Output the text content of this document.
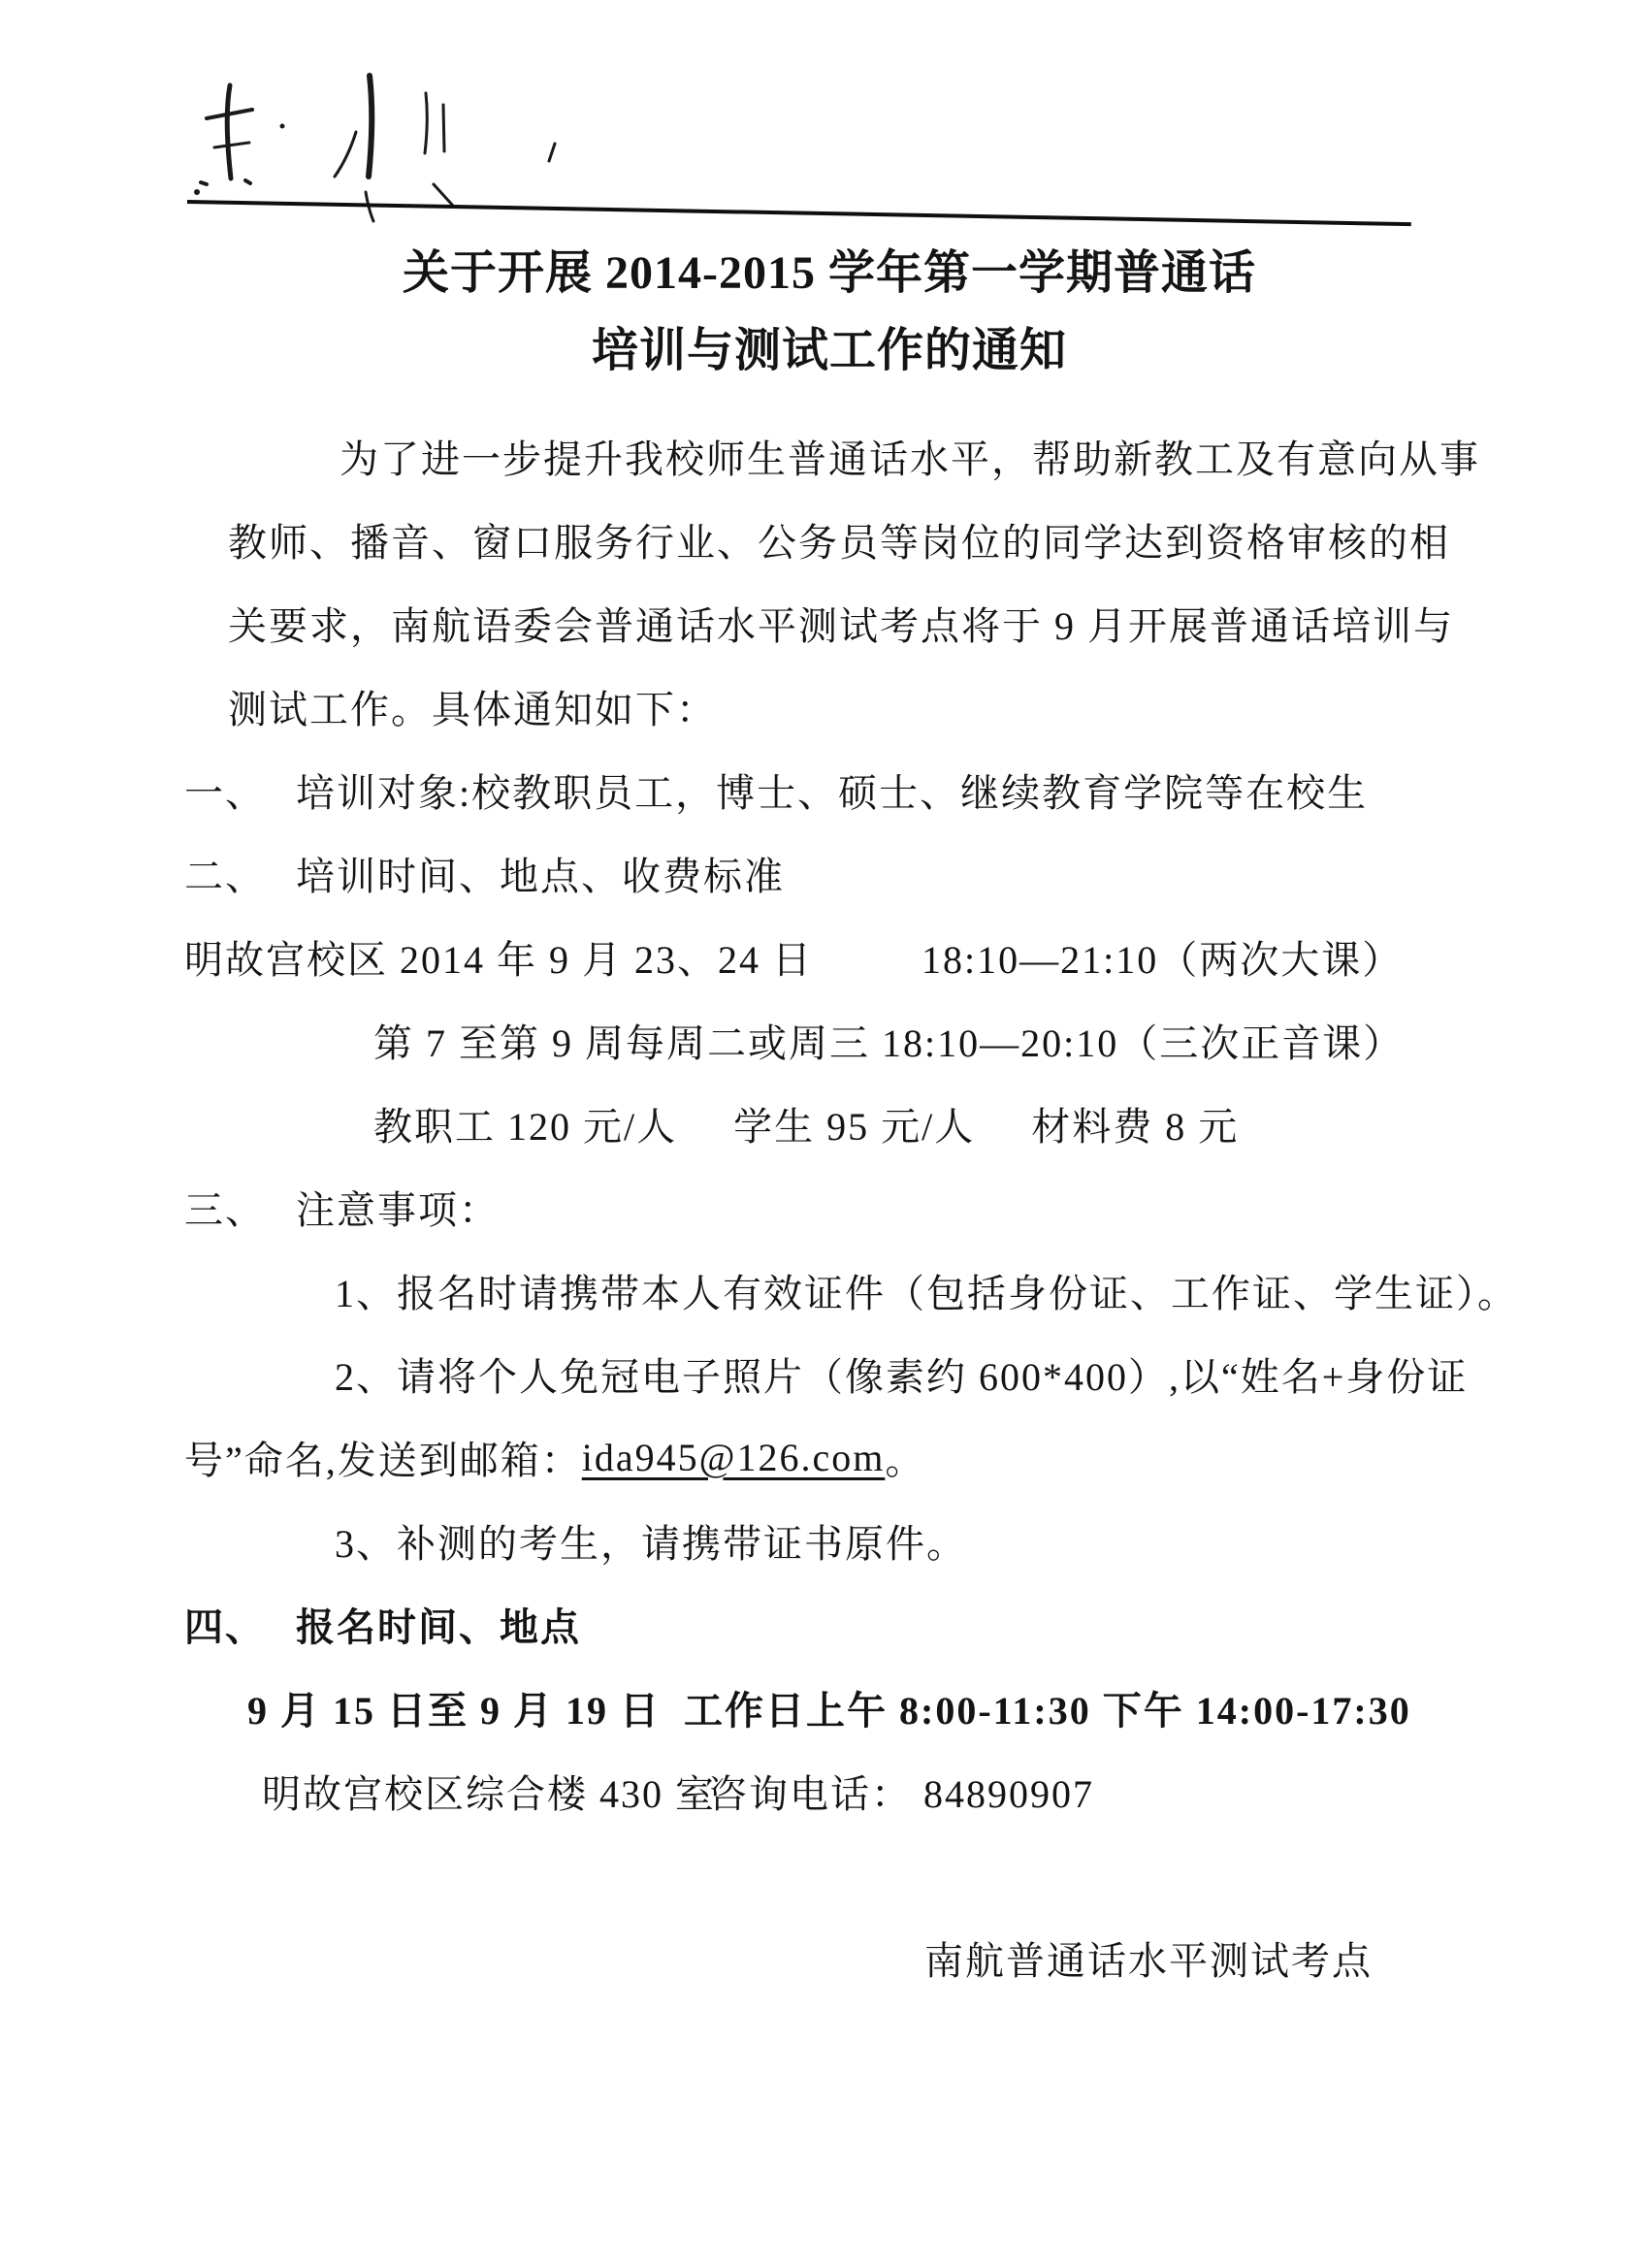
关于开展 2014-2015 学年第一学期普通话
培训与测试工作的通知
为了进一步提升我校师生普通话水平，帮助新教工及有意向从事
教师、播音、窗口服务行业、公务员等岗位的同学达到资格审核的相
关要求，南航语委会普通话水平测试考点将于 9 月开展普通话培训与
测试工作。具体通知如下：
一、 培训对象:校教职员工，博士、硕士、继续教育学院等在校生
二、 培训时间、地点、收费标准
明故宫校区 2014 年 9 月 23、24 日	18:10—21:10（两次大课）
第 7 至第 9 周每周二或周三 18:10—20:10（三次正音课）
教职工 120 元/人 学生 95 元/人 材料费 8 元
三、 注意事项：
1、报名时请携带本人有效证件（包括身份证、工作证、学生证）。
2、请将个人免冠电子照片（像素约 600*400）,以“姓名+身份证
号”命名,发送到邮箱： ida945@126.com 。
3、补测的考生，请携带证书原件。
四、 报名时间、地点
9 月 15 日至 9 月 19 日  工作日上午 8:00-11:30 下午 14:00-17:30
明故宫校区综合楼 430 室
咨询电话： 84890907
南航普通话水平测试考点
